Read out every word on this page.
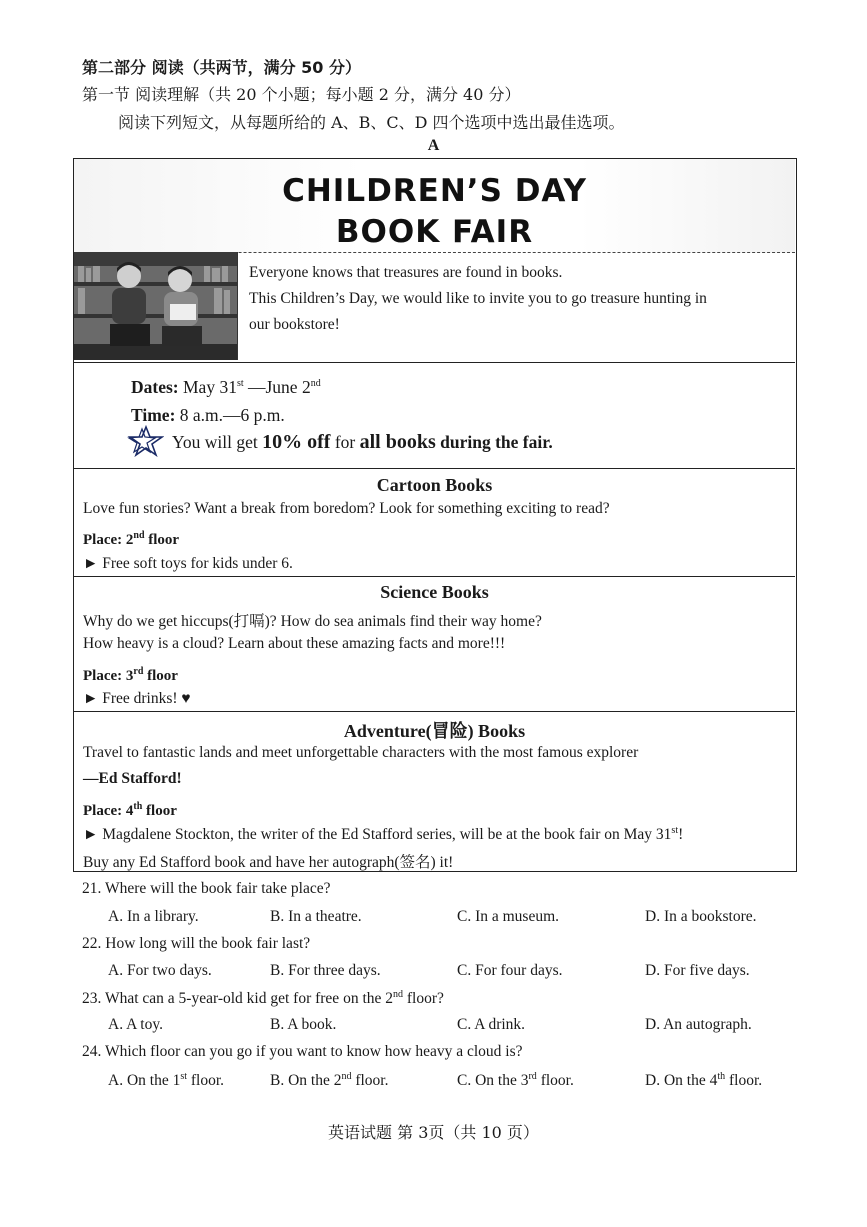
第二部分 阅读（共两节，满分 50 分）
第一节 阅读理解（共 20 个小题；每小题 2 分，满分 40 分）
阅读下列短文，从每题所给的 A、B、C、D 四个选项中选出最佳选项。
A
CHILDREN’S DAY
BOOK FAIR
Everyone knows that treasures are found in books.
This Children’s Day, we would like to invite you to go treasure hunting in
our bookstore!
Dates: May 31st —June 2nd
Time: 8 a.m.—6 p.m.
You will get 10% off for all books during the fair.
Cartoon Books
Love fun stories? Want a break from boredom? Look for something exciting to read?
Place: 2nd floor
► Free soft toys for kids under 6.
Science Books
Why do we get hiccups(打嗝)? How do sea animals find their way home?
How heavy is a cloud? Learn about these amazing facts and more!!!
Place: 3rd floor
► Free drinks! ♥
Adventure(冒险) Books
Travel to fantastic lands and meet unforgettable characters with the most famous explorer
—Ed Stafford!
Place: 4th floor
► Magdalene Stockton, the writer of the Ed Stafford series, will be at the book fair on May 31st!
Buy any Ed Stafford book and have her autograph(签名) it!
21. Where will the book fair take place?
A. In a library.	B. In a theatre.	C. In a museum.	D. In a bookstore.
22. How long will the book fair last?
A. For two days.	B. For three days.	C. For four days.	D. For five days.
23. What can a 5-year-old kid get for free on the 2nd floor?
A. A toy.	B. A book.	C. A drink.	D. An autograph.
24. Which floor can you go if you want to know how heavy a cloud is?
A. On the 1st floor.	B. On the 2nd floor.	C. On the 3rd floor.	D. On the 4th floor.
英语试题 第 3页（共 10 页）
